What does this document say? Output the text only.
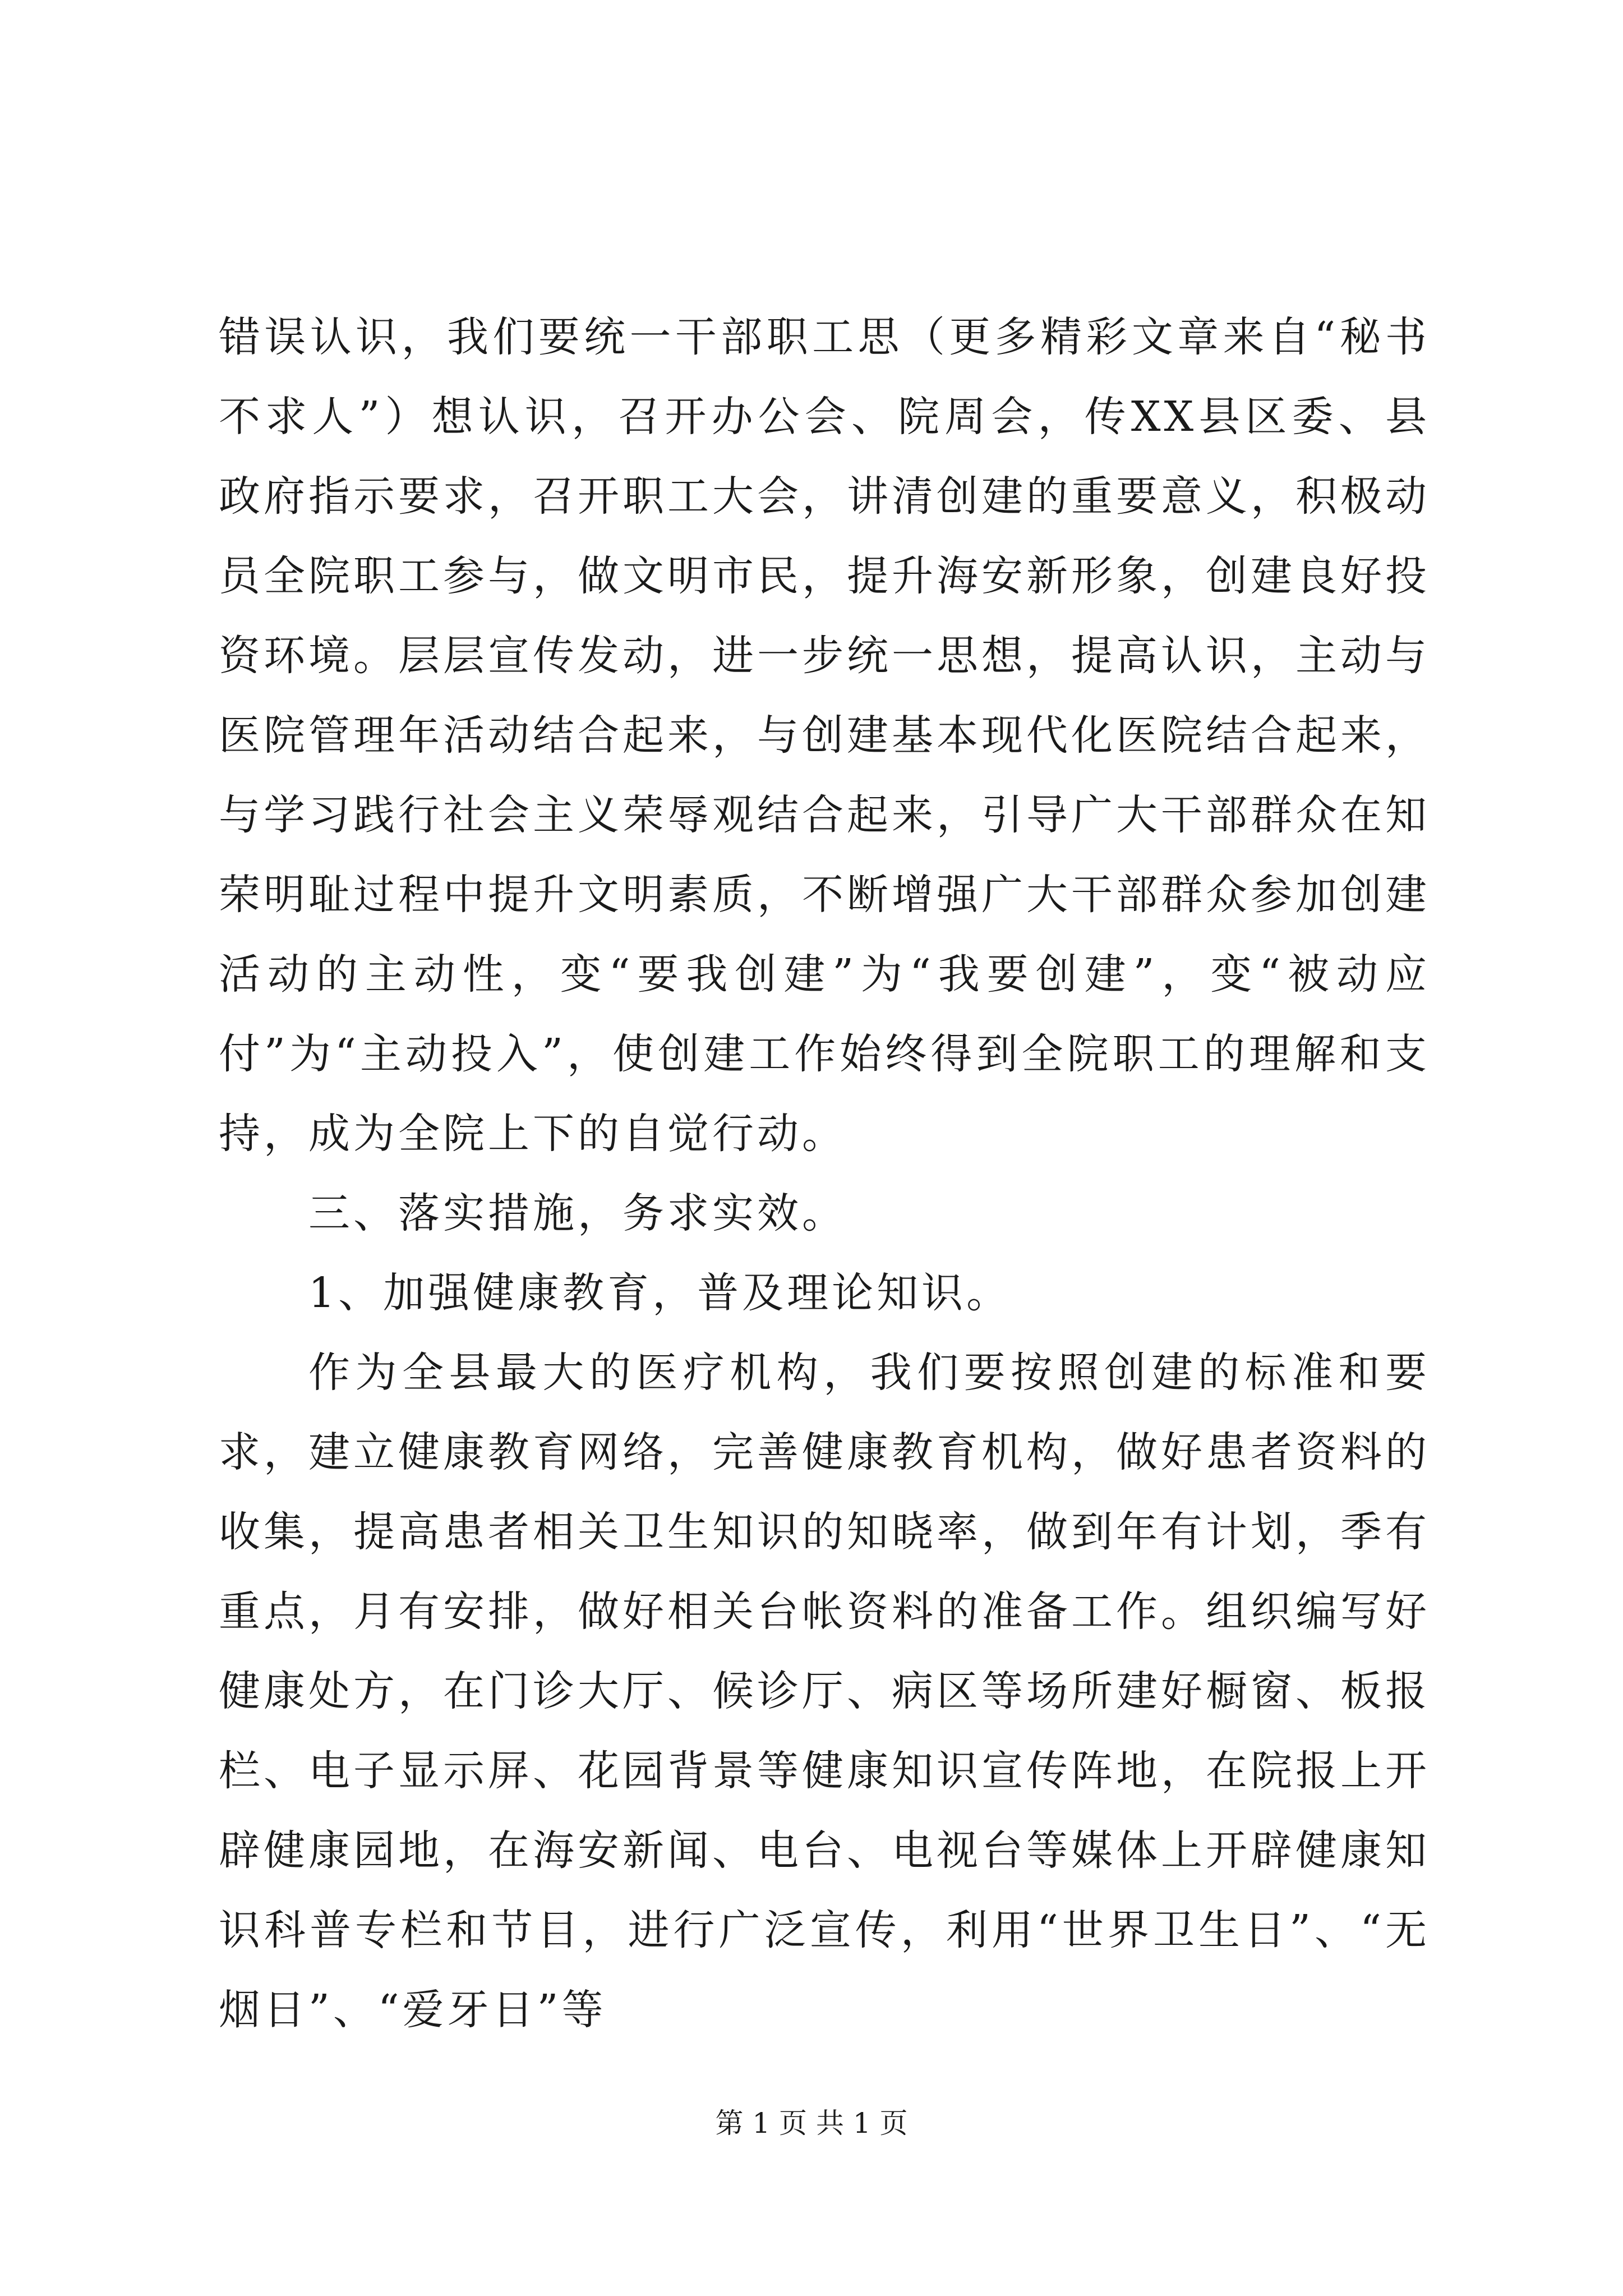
错误认识，我们要统一干部职工思（更多精彩文章来自“秘书不求人”）想认识，召开办公会、院周会，传XX县区委、县政府指示要求，召开职工大会，讲清创建的重要意义，积极动员全院职工参与，做文明市民，提升海安新形象，创建良好投资环境。层层宣传发动，进一步统一思想，提高认识，主动与医院管理年活动结合起来，与创建基本现代化医院结合起来，与学习践行社会主义荣辱观结合起来，引导广大干部群众在知荣明耻过程中提升文明素质，不断增强广大干部群众参加创建活动的主动性，变“要我创建”为“我要创建”，变“被动应付”为“主动投入”，使创建工作始终得到全院职工的理解和支持，成为全院上下的自觉行动。

三、落实措施，务求实效。

1、加强健康教育，普及理论知识。

作为全县最大的医疗机构，我们要按照创建的标准和要求，建立健康教育网络，完善健康教育机构，做好患者资料的收集，提高患者相关卫生知识的知晓率，做到年有计划，季有重点，月有安排，做好相关台帐资料的准备工作。组织编写好健康处方，在门诊大厅、候诊厅、病区等场所建好橱窗、板报栏、电子显示屏、花园背景等健康知识宣传阵地，在院报上开辟健康园地，在海安新闻、电台、电视台等媒体上开辟健康知识科普专栏和节目，进行广泛宣传，利用“世界卫生日”、“无烟日”、“爱牙日”等

第 1 页 共 1 页
